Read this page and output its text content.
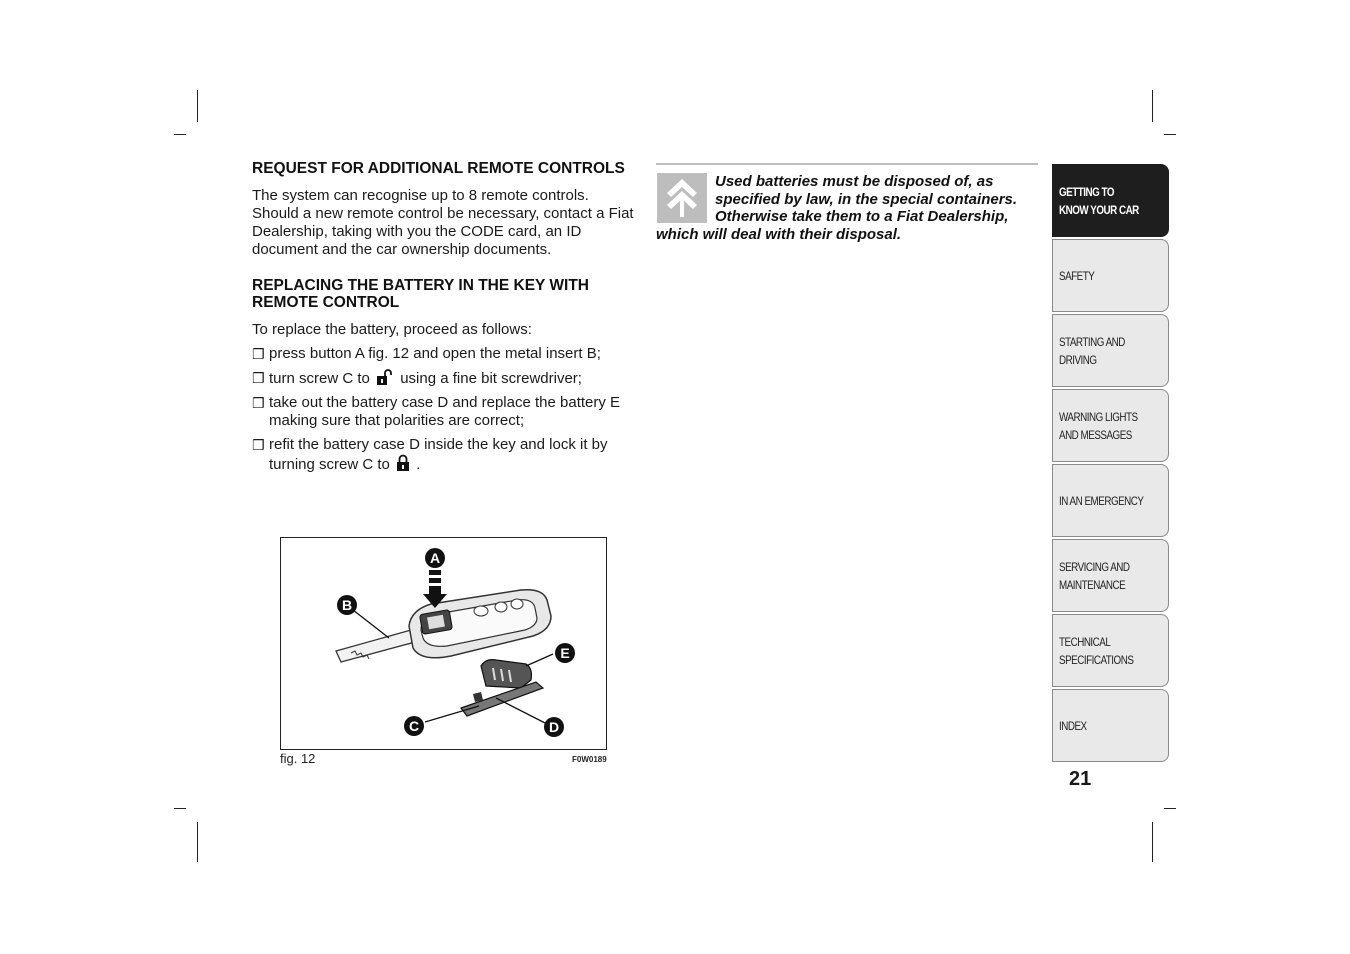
REQUEST FOR ADDITIONAL REMOTE CONTROLS

The system can recognise up to 8 remote controls. Should a new remote control be necessary, contact a Fiat Dealership, taking with you the CODE card, an ID document and the car ownership documents.

REPLACING THE BATTERY IN THE KEY WITH REMOTE CONTROL

To replace the battery, proceed as follows:

❒ press button A fig. 12 and open the metal insert B;
❒ turn screw C to using a fine bit screwdriver;
❒ take out the battery case D and replace the battery E making sure that polarities are correct;
❒ refit the battery case D inside the key and lock it by turning screw C to .
A
B
E
C	D
fig. 12	F0W0189

Used batteries must be disposed of, as specified by law, in the special containers. Otherwise take them to a Fiat Dealership, which will deal with their disposal.

GETTING TO
KNOW YOUR CAR
SAFETY
STARTING AND
DRIVING
WARNING LIGHTS
AND MESSAGES
IN AN EMERGENCY
SERVICING AND
MAINTENANCE
TECHNICAL
SPECIFICATIONS
INDEX
21
